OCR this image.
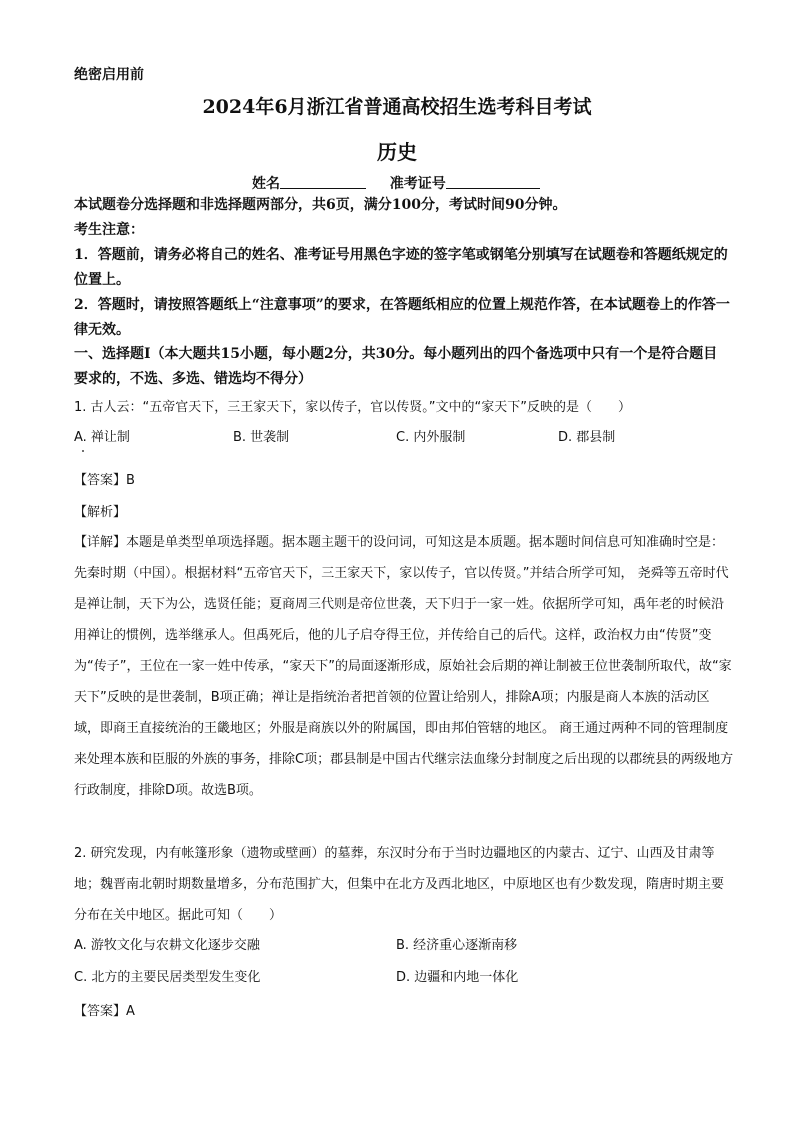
绝密启用前
2024年6月浙江省普通高校招生选考科目考试
历史
姓名	准考证号
本试题卷分选择题和非选择题两部分，共6页，满分100分，考试时间90分钟。
考生注意：
1．答题前，请务必将自己的姓名、准考证号用黑色字迹的签字笔或钢笔分别填写在试题卷和答题纸规定的位置上。
2．答题时，请按照答题纸上“注意事项”的要求，在答题纸相应的位置上规范作答，在本试题卷上的作答一律无效。
一、选择题Ⅰ（本大题共15小题，每小题2分，共30分。每小题列出的四个备选项中只有一个是符合题目要求的，不选、多选、错选均不得分）
1. 古人云：“五帝官天下，三王家天下，家以传子，官以传贤。”文中的“家天下”反映的是（　　）
A. 禅让制	B. 世袭制	C. 内外服制	D. 郡县制
【答案】B
【解析】
【详解】本题是单类型单项选择题。据本题主题干的设问词，可知这是本质题。据本题时间信息可知准确时空是：先秦时期（中国）。根据材料“五帝官天下，三王家天下，家以传子，官以传贤。”并结合所学可知， 尧舜等五帝时代是禅让制，天下为公，选贤任能；夏商周三代则是帝位世袭，天下归于一家一姓。依据所学可知，禹年老的时候沿用禅让的惯例，选举继承人。但禹死后，他的儿子启夺得王位，并传给自己的后代。这样，政治权力由“传贤”变为“传子”，王位在一家一姓中传承，“家天下”的局面逐渐形成，原始社会后期的禅让制被王位世袭制所取代，故“家天下”反映的是世袭制，B项正确；禅让是指统治者把首领的位置让给别人，排除A项；内服是商人本族的活动区域，即商王直接统治的王畿地区；外服是商族以外的附属国，即由邦伯管辖的地区。 商王通过两种不同的管理制度来处理本族和臣服的外族的事务，排除C项；郡县制是中国古代继宗法血缘分封制度之后出现的以郡统县的两级地方行政制度，排除D项。故选B项。
2. 研究发现，内有帐篷形象（遗物或壁画）的墓葬，东汉时分布于当时边疆地区的内蒙古、辽宁、山西及甘肃等地；魏晋南北朝时期数量增多，分布范围扩大，但集中在北方及西北地区，中原地区也有少数发现，隋唐时期主要分布在关中地区。据此可知（　　）
A. 游牧文化与农耕文化逐步交融	B. 经济重心逐渐南移
C. 北方的主要民居类型发生变化	D. 边疆和内地一体化
【答案】A
